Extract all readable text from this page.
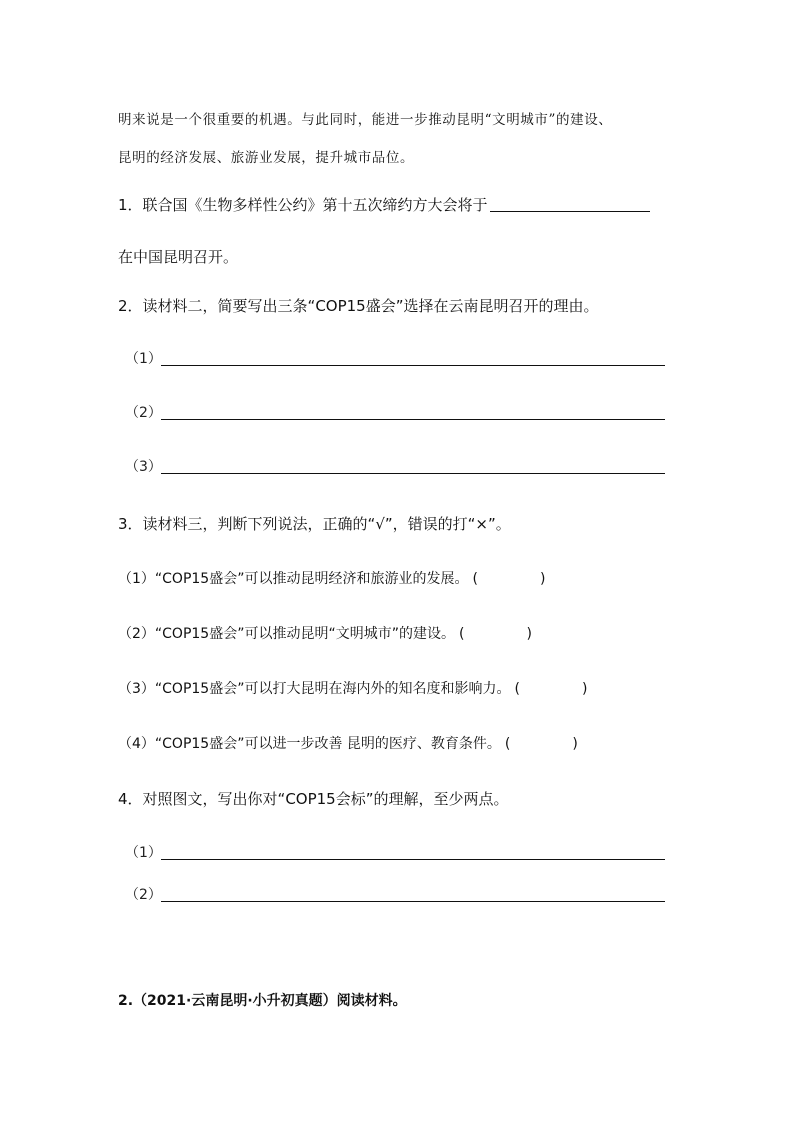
明来说是一个很重要的机遇。与此同时，能进一步推动昆明“文明城市”的建设、
昆明的经济发展、旅游业发展，提升城市品位。
1．联合国《生物多样性公约》第十五次缔约方大会将于
在中国昆明召开。
2．读材料二，简要写出三条“COP15盛会”选择在云南昆明召开的理由。
（1）
（2）
（3）
3．读材料三，判断下列说法，正确的“√”，错误的打“×”。
（1）“COP15盛会”可以推动昆明经济和旅游业的发展。 (	)
（2）“COP15盛会”可以推动昆明“文明城市”的建设。 (	)
（3）“COP15盛会”可以打大昆明在海内外的知名度和影响力。 (	)
（4）“COP15盛会”可以进一步改善 昆明的医疗、教育条件。 (	)
4．对照图文，写出你对“COP15会标”的理解，至少两点。
（1）
（2）
2.（2021·云南昆明·小升初真题）阅读材料。
